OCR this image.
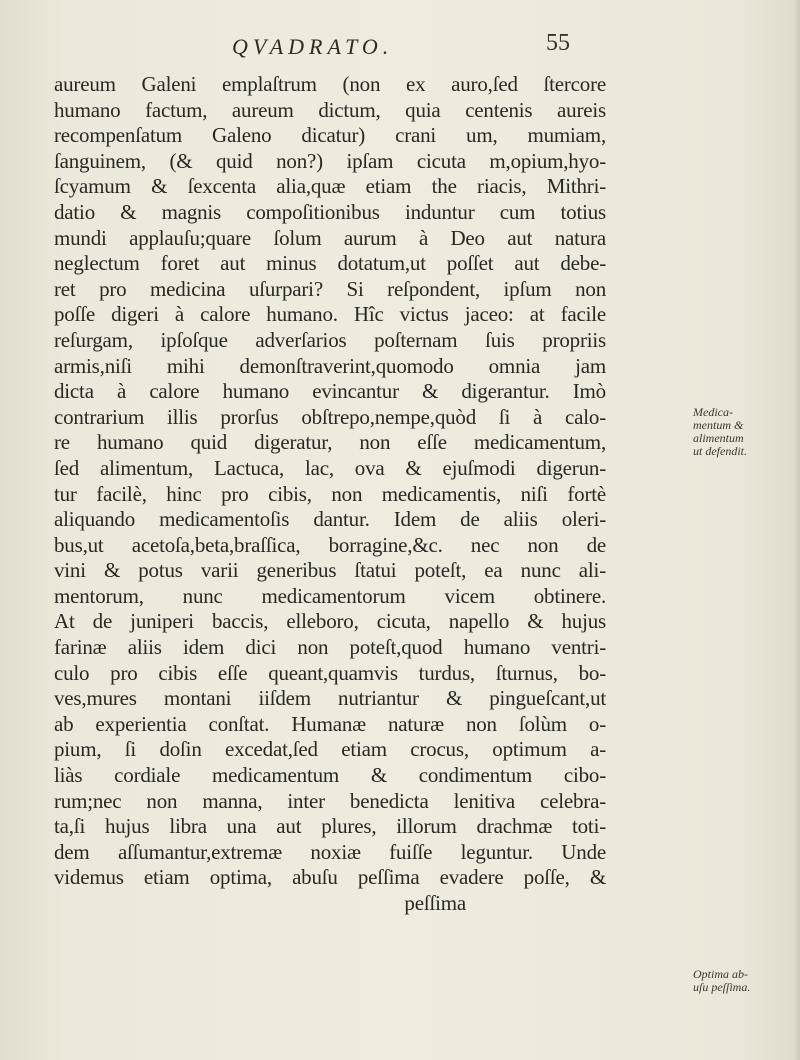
QVADRATO.	55
aureum Galeni emplaſtrum (non ex auro,ſed ſtercore
humano factum, aureum dictum, quia centenis aureis
recompenſatum Galeno dicatur) crani um, mumiam,
ſanguinem, (& quid non?) ipſam cicuta m,opium,hyo-
ſcyamum & ſexcenta alia,quæ etiam the riacis, Mithri-
datio & magnis compoſitionibus induntur cum totius
mundi applauſu;quare ſolum aurum à Deo aut natura
neglectum foret aut minus dotatum,ut poſſet aut debe-
ret pro medicina uſurpari? Si reſpondent, ipſum non
poſſe digeri à calore humano. Hîc victus jaceo: at facile
reſurgam, ipſoſque adverſarios poſternam ſuis propriis
armis,niſi mihi demonſtraverint,quomodo omnia jam
dicta à calore humano evincantur & digerantur. Imò
contrarium illis prorſus obſtrepo,nempe,quòd ſi à calo-
re humano quid digeratur, non eſſe medicamentum,
ſed alimentum, Lactuca, lac, ova & ejuſmodi digerun-
tur facilè, hinc pro cibis, non medicamentis, niſi fortè
aliquando medicamentoſis dantur. Idem de aliis oleri-
bus,ut acetoſa,beta,braſſica, borragine,&c. nec non de
vini & potus varii generibus ſtatui poteſt, ea nunc ali-
mentorum, nunc medicamentorum vicem obtinere.
At de juniperi baccis, elleboro, cicuta, napello & hujus
farinæ aliis idem dici non poteſt,quod humano ventri-
culo pro cibis eſſe queant,quamvis turdus, ſturnus, bo-
ves,mures montani iiſdem nutriantur & pingueſcant,ut
ab experientia conſtat. Humanæ naturæ non ſolùm o-
pium, ſi doſin excedat,ſed etiam crocus, optimum a-
liàs cordiale medicamentum & condimentum cibo-
rum;nec non manna, inter benedicta lenitiva celebra-
ta,ſi hujus libra una aut plures, illorum drachmæ toti-
dem aſſumantur,extremæ noxiæ fuiſſe leguntur. Unde
videmus etiam optima, abuſu peſſima evadere poſſe, &
peſſima
Medica-
mentum &
alimentum
ut defendit.
Optima ab-
uſu peſſima.
